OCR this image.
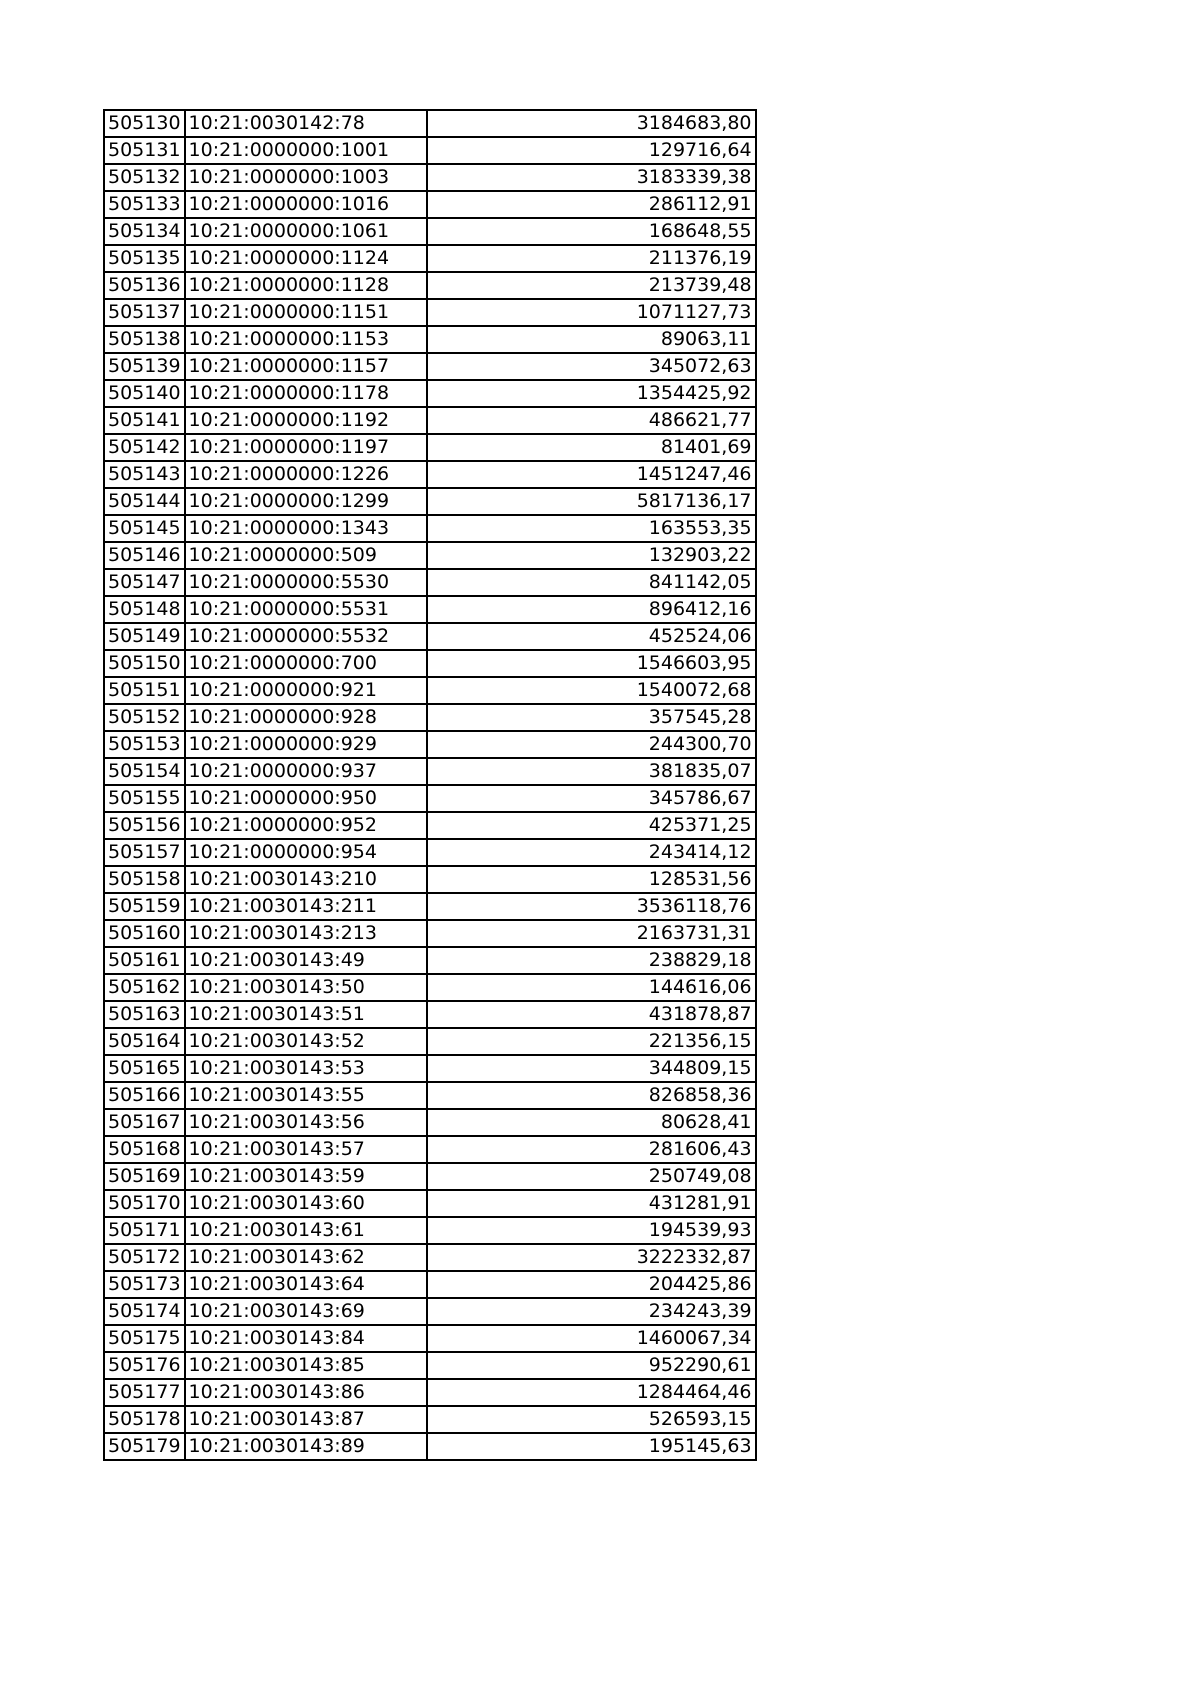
505130	10:21:0030142:78	3184683,80
505131	10:21:0000000:1001	129716,64
505132	10:21:0000000:1003	3183339,38
505133	10:21:0000000:1016	286112,91
505134	10:21:0000000:1061	168648,55
505135	10:21:0000000:1124	211376,19
505136	10:21:0000000:1128	213739,48
505137	10:21:0000000:1151	1071127,73
505138	10:21:0000000:1153	89063,11
505139	10:21:0000000:1157	345072,63
505140	10:21:0000000:1178	1354425,92
505141	10:21:0000000:1192	486621,77
505142	10:21:0000000:1197	81401,69
505143	10:21:0000000:1226	1451247,46
505144	10:21:0000000:1299	5817136,17
505145	10:21:0000000:1343	163553,35
505146	10:21:0000000:509	132903,22
505147	10:21:0000000:5530	841142,05
505148	10:21:0000000:5531	896412,16
505149	10:21:0000000:5532	452524,06
505150	10:21:0000000:700	1546603,95
505151	10:21:0000000:921	1540072,68
505152	10:21:0000000:928	357545,28
505153	10:21:0000000:929	244300,70
505154	10:21:0000000:937	381835,07
505155	10:21:0000000:950	345786,67
505156	10:21:0000000:952	425371,25
505157	10:21:0000000:954	243414,12
505158	10:21:0030143:210	128531,56
505159	10:21:0030143:211	3536118,76
505160	10:21:0030143:213	2163731,31
505161	10:21:0030143:49	238829,18
505162	10:21:0030143:50	144616,06
505163	10:21:0030143:51	431878,87
505164	10:21:0030143:52	221356,15
505165	10:21:0030143:53	344809,15
505166	10:21:0030143:55	826858,36
505167	10:21:0030143:56	80628,41
505168	10:21:0030143:57	281606,43
505169	10:21:0030143:59	250749,08
505170	10:21:0030143:60	431281,91
505171	10:21:0030143:61	194539,93
505172	10:21:0030143:62	3222332,87
505173	10:21:0030143:64	204425,86
505174	10:21:0030143:69	234243,39
505175	10:21:0030143:84	1460067,34
505176	10:21:0030143:85	952290,61
505177	10:21:0030143:86	1284464,46
505178	10:21:0030143:87	526593,15
505179	10:21:0030143:89	195145,63
